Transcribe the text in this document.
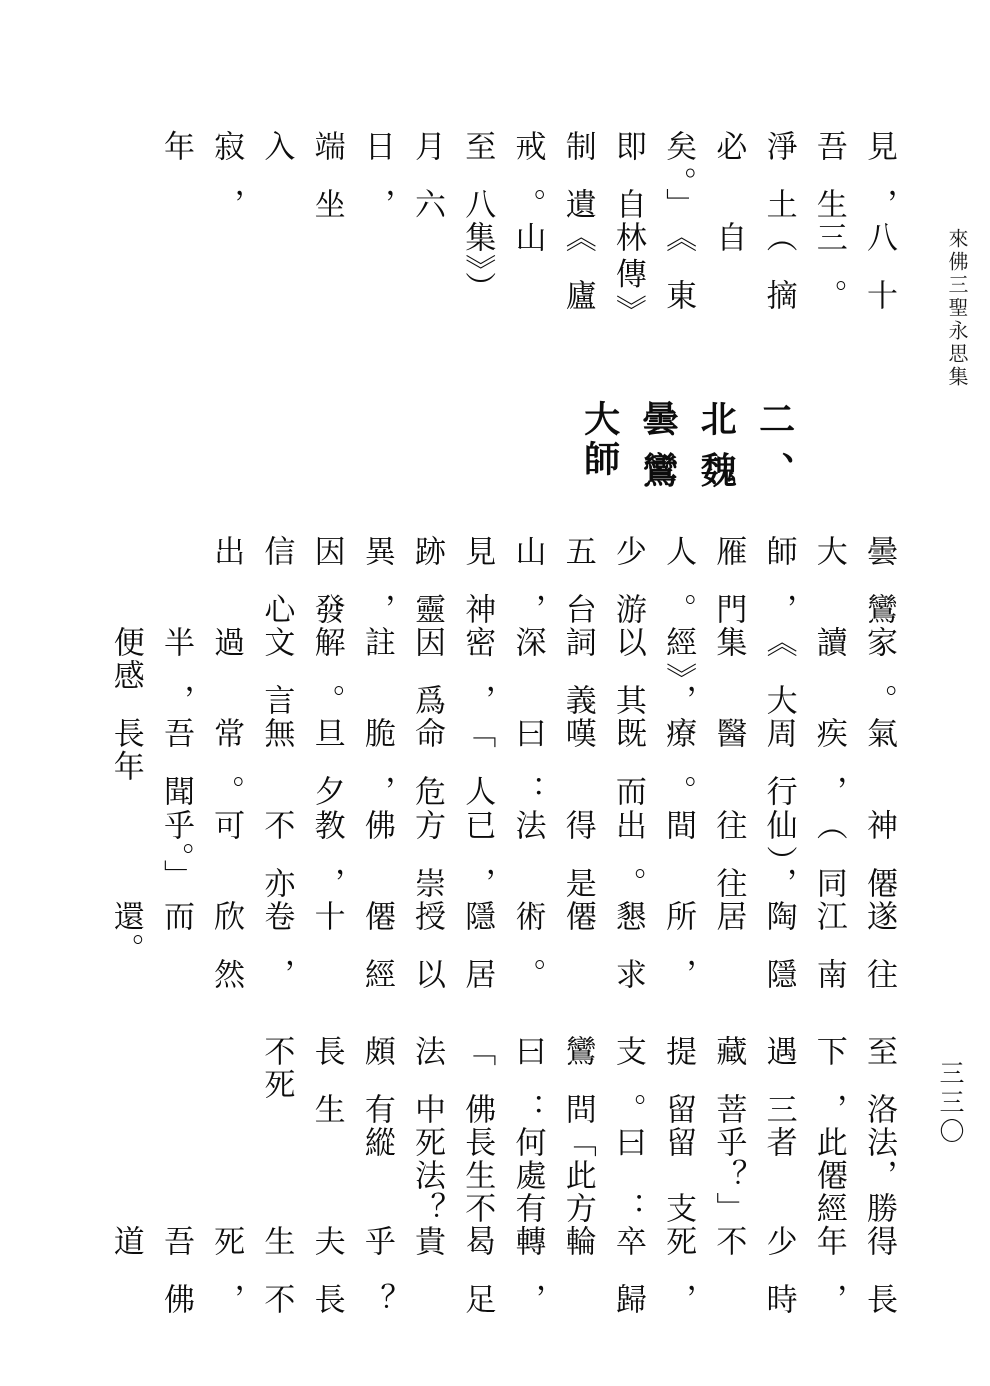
來佛三聖永思集
三三〇
見，吾生淨土必矣。」即自制遺戒。至八月六日，端坐入寂，年
八十三。（摘自《東林傳》《廬山集》）

二、北魏曇鸞大師

曇鸞大師，雁門人。少游五台山，見神跡靈異，因發信心出
家。讀《大集經》，以其詞義深密，因爲註解。文言過半，便感
氣疾，周行醫療。既而嘆曰：「人命危脆，旦夕無常。吾聞長年
神僊（同仙），往往間出。得是法已，方崇佛教，不亦可乎。」
遂往江南陶隱居所，懇求僊術。隱居授以僊經十卷，欣然而還。
至洛下，遇三藏菩提留支。鸞問曰：「佛法中頗有長生不死
法，勝此僊經者乎？」留支曰：「此方何處有長生不死法？縱
得長年，少時不死，卒歸輪轉，曷足貴乎？夫長生不死，吾佛道
